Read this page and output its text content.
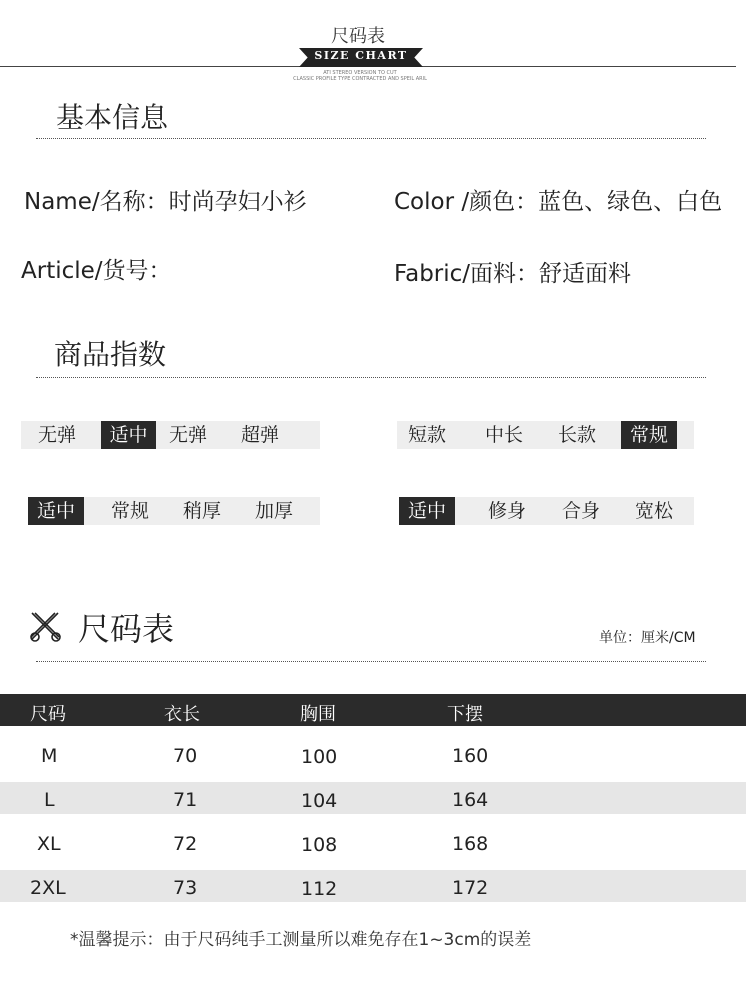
尺码表
SIZE CHART
ATI STEREO VERSION TO CUT
CLASSIC PROFILE TYPE CONTRACTED AND SPEIL ARIL
基本信息
Name/名称：时尚孕妇小衫	Color /颜色：蓝色、绿色、白色
Article/货号：	Fabric/面料：舒适面料
商品指数
无弹	适中	无弹	超弹	短款	中长	长款	常规
适中	常规	稍厚	加厚	适中	修身	合身	宽松
尺码表	单位：厘米/CM
尺码	衣长	胸围	下摆
M	70	100	160
L	71	104	164
XL	72	108	168
2XL	73	112	172
*温馨提示：由于尺码纯手工测量所以难免存在1~3cm的误差
